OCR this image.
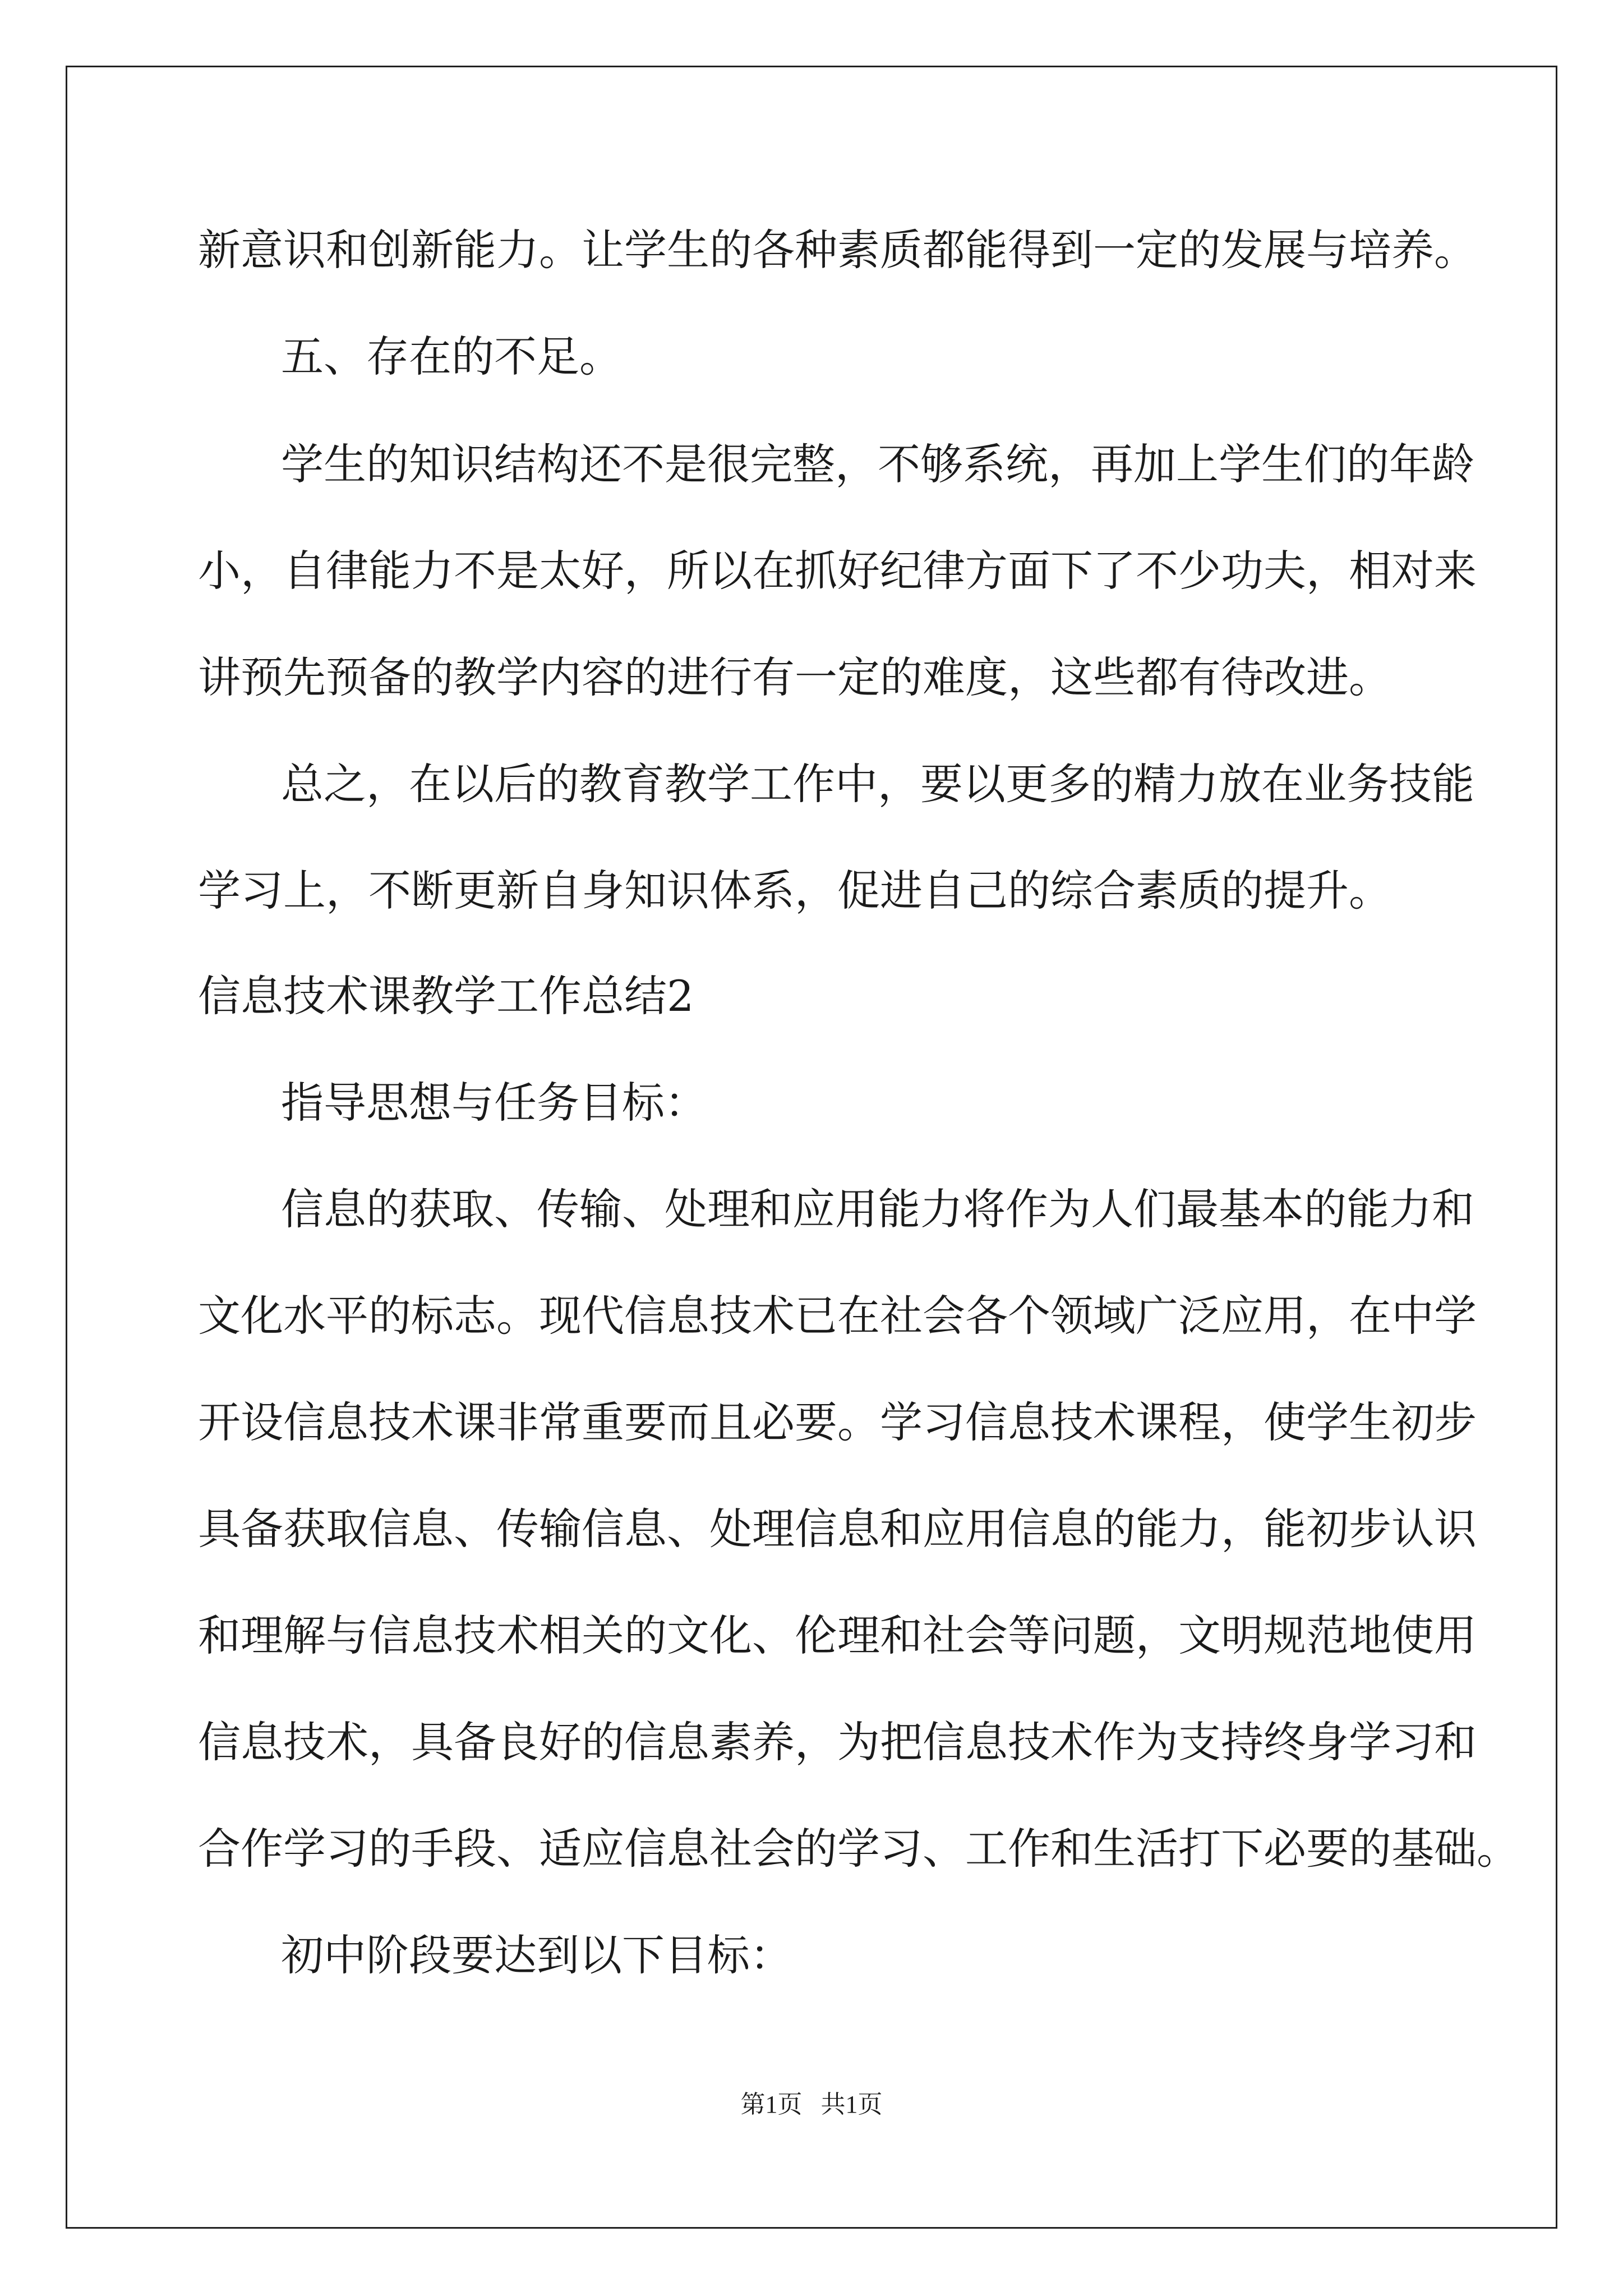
新意识和创新能力。让学生的各种素质都能得到一定的发展与培养。
五、存在的不足。
学生的知识结构还不是很完整，不够系统，再加上学生们的年龄
小，自律能力不是太好，所以在抓好纪律方面下了不少功夫，相对来
讲预先预备的教学内容的进行有一定的难度，这些都有待改进。
总之，在以后的教育教学工作中，要以更多的精力放在业务技能
学习上，不断更新自身知识体系，促进自己的综合素质的提升。
信息技术课教学工作总结2
指导思想与任务目标：
信息的获取、传输、处理和应用能力将作为人们最基本的能力和
文化水平的标志。现代信息技术已在社会各个领域广泛应用，在中学
开设信息技术课非常重要而且必要。学习信息技术课程，使学生初步
具备获取信息、传输信息、处理信息和应用信息的能力，能初步认识
和理解与信息技术相关的文化、伦理和社会等问题，文明规范地使用
信息技术，具备良好的信息素养，为把信息技术作为支持终身学习和
合作学习的手段、适应信息社会的学习、工作和生活打下必要的基础。
初中阶段要达到以下目标：
第1页   共1页
